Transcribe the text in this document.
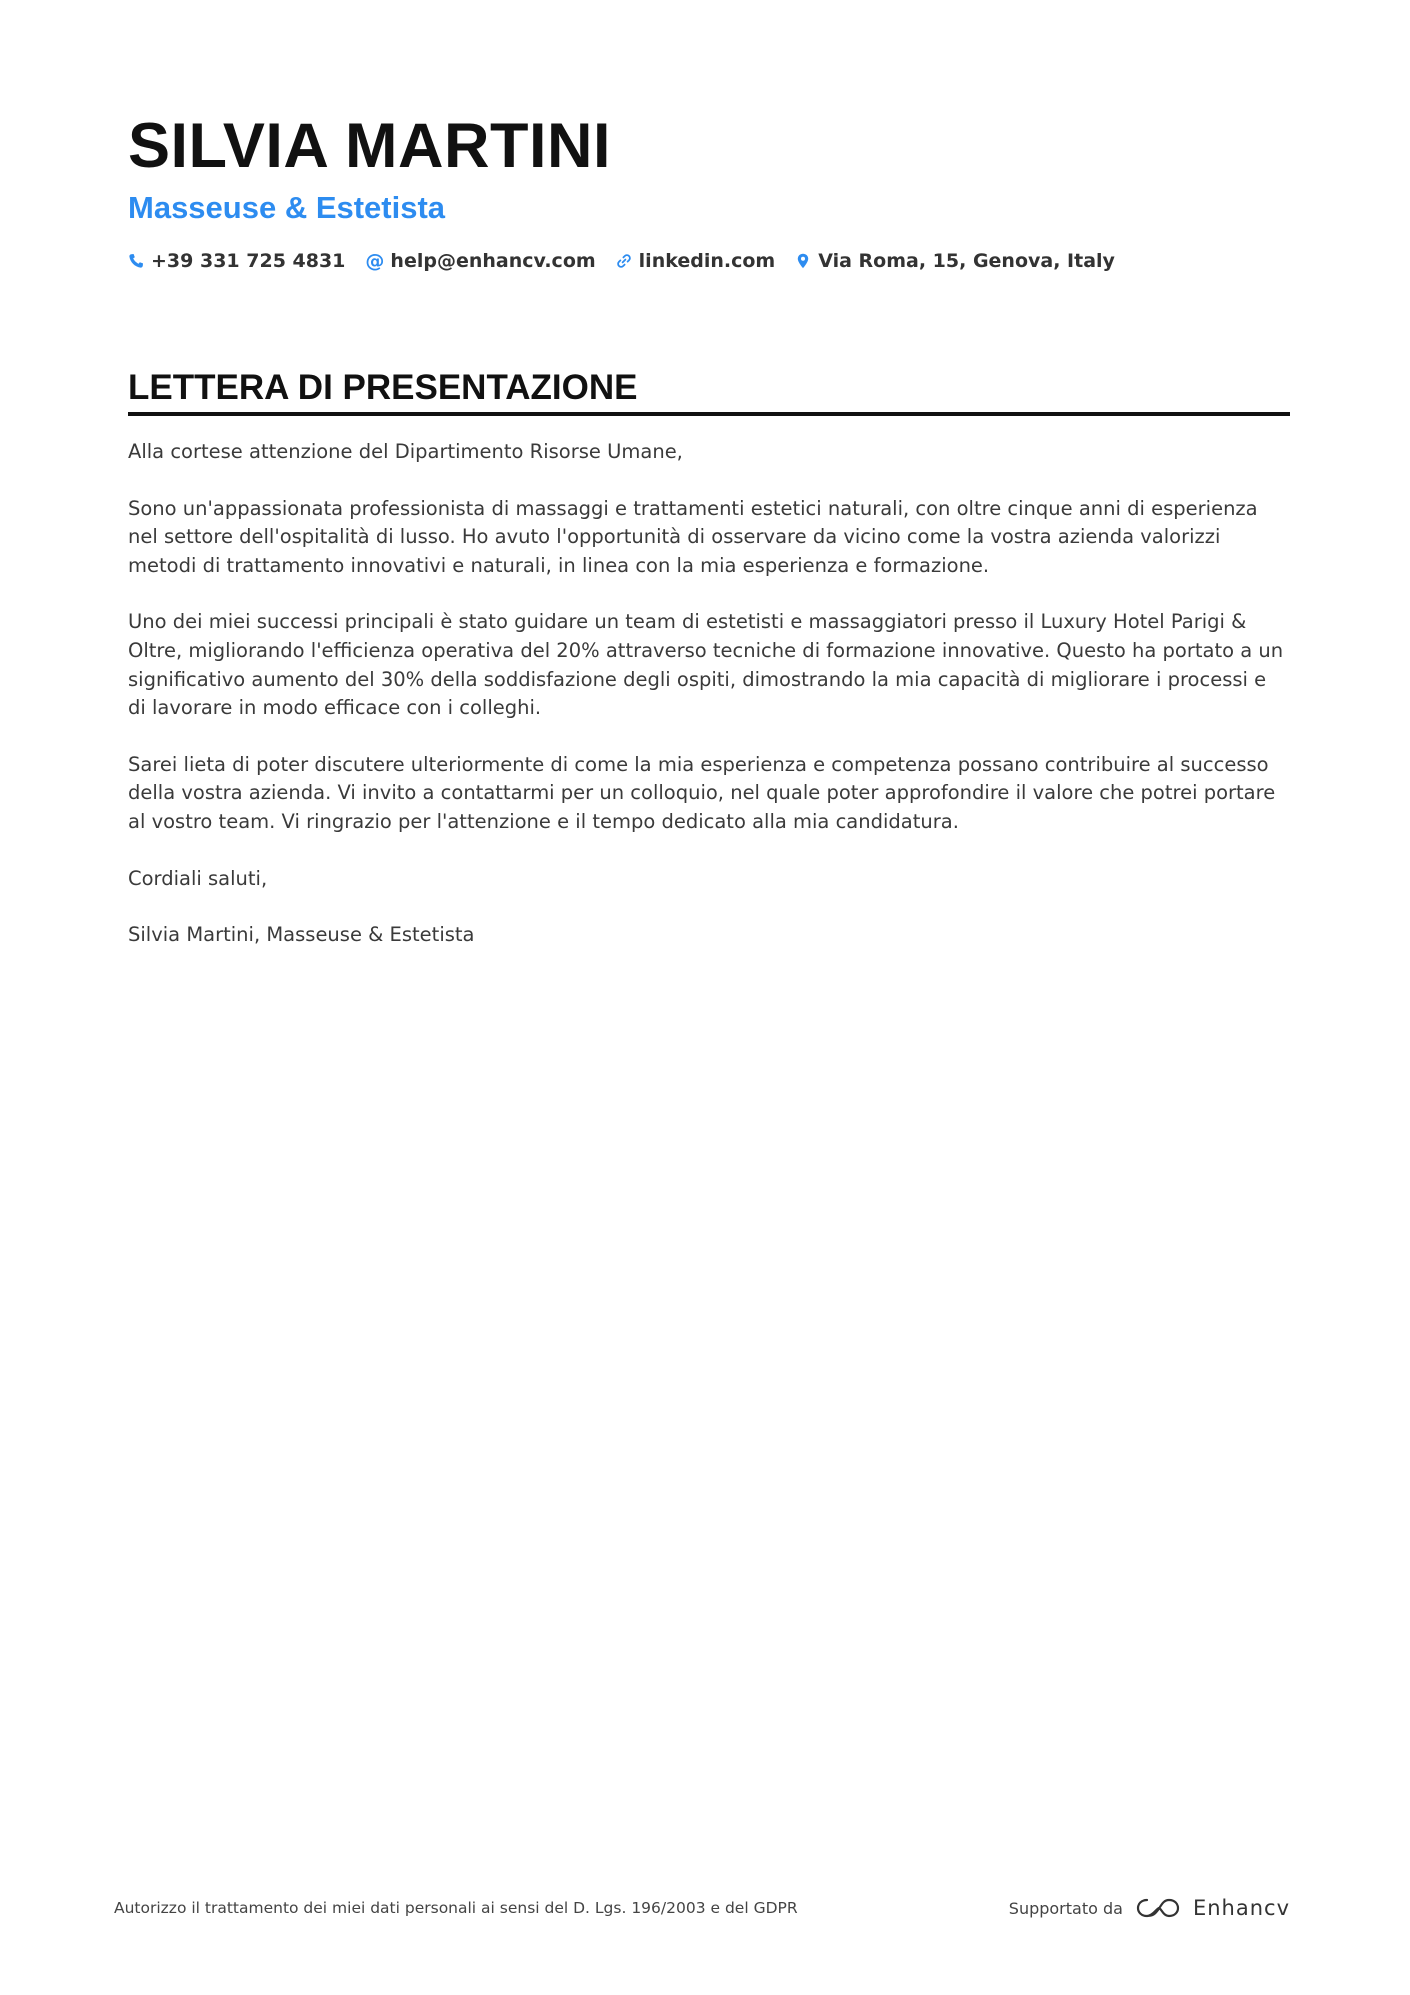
SILVIA MARTINI
Masseuse & Estetista
+39 331 725 4831 @ help@enhancv.com linkedin.com Via Roma, 15, Genova, Italy
LETTERA DI PRESENTAZIONE

Alla cortese attenzione del Dipartimento Risorse Umane,

Sono un'appassionata professionista di massaggi e trattamenti estetici naturali, con oltre cinque anni di esperienza nel settore dell'ospitalità di lusso. Ho avuto l'opportunità di osservare da vicino come la vostra azienda valorizzi metodi di trattamento innovativi e naturali, in linea con la mia esperienza e formazione.

Uno dei miei successi principali è stato guidare un team di estetisti e massaggiatori presso il Luxury Hotel Parigi & Oltre, migliorando l'efficienza operativa del 20% attraverso tecniche di formazione innovative. Questo ha portato a un significativo aumento del 30% della soddisfazione degli ospiti, dimostrando la mia capacità di migliorare i processi e di lavorare in modo efficace con i colleghi.

Sarei lieta di poter discutere ulteriormente di come la mia esperienza e competenza possano contribuire al successo della vostra azienda. Vi invito a contattarmi per un colloquio, nel quale poter approfondire il valore che potrei portare al vostro team. Vi ringrazio per l'attenzione e il tempo dedicato alla mia candidatura.

Cordiali saluti,

Silvia Martini, Masseuse & Estetista

Autorizzo il trattamento dei miei dati personali ai sensi del D. Lgs. 196/2003 e del GDPR	Supportato da	Enhancv
